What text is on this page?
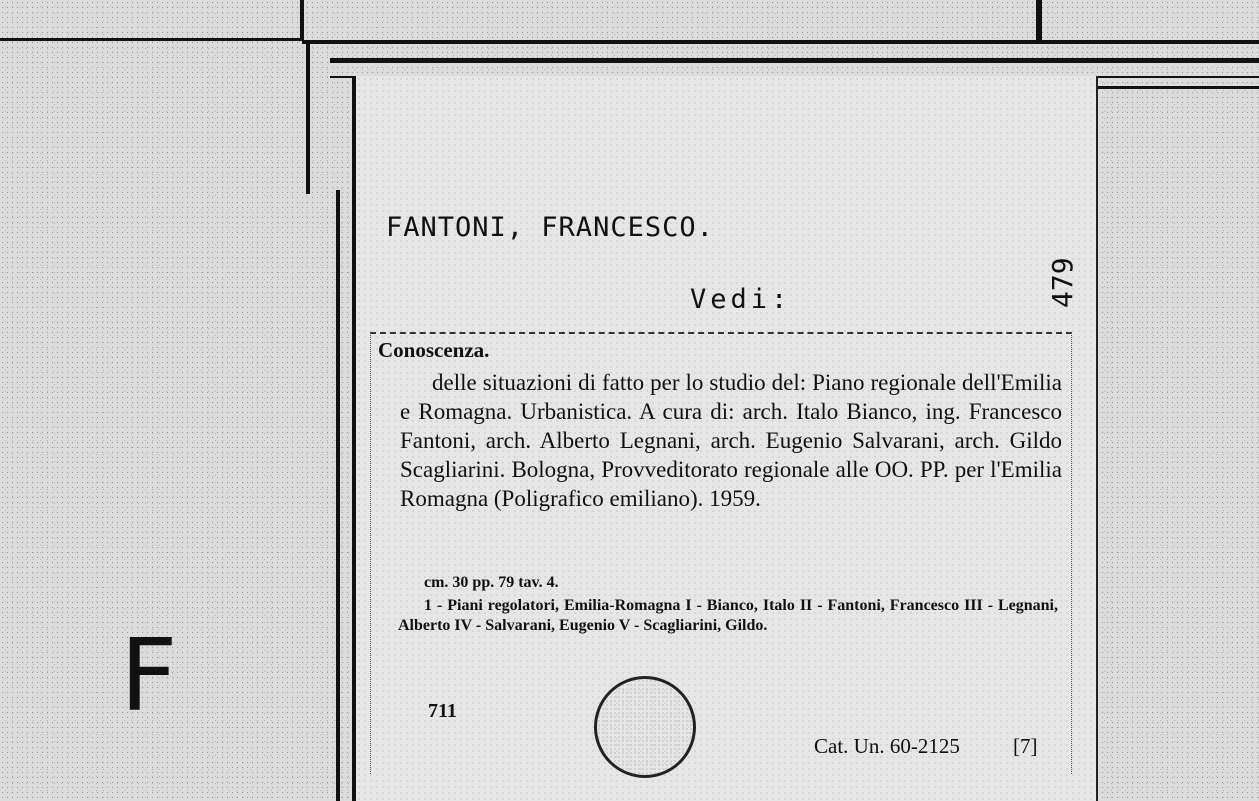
FANTONI, FRANCESCO.
Vedi:	479
Conoscenza.
delle situazioni di fatto per lo studio del: Piano regionale dell'Emilia e Romagna. Urbanistica. A cura di: arch. Italo Bianco, ing. Francesco Fantoni, arch. Alberto Legnani, arch. Eugenio Salvarani, arch. Gildo Scagliarini. Bologna, Provveditorato regionale alle OO. PP. per l'Emilia Romagna (Poligrafico emiliano). 1959.
cm. 30 pp. 79 tav. 4.
1 - Piani regolatori, Emilia-Romagna I - Bianco, Italo II - Fantoni, Francesco III - Legnani, Alberto IV - Salvarani, Eugenio V - Scagliarini, Gildo.
711
Cat. Un. 60-2125	[7]
F
